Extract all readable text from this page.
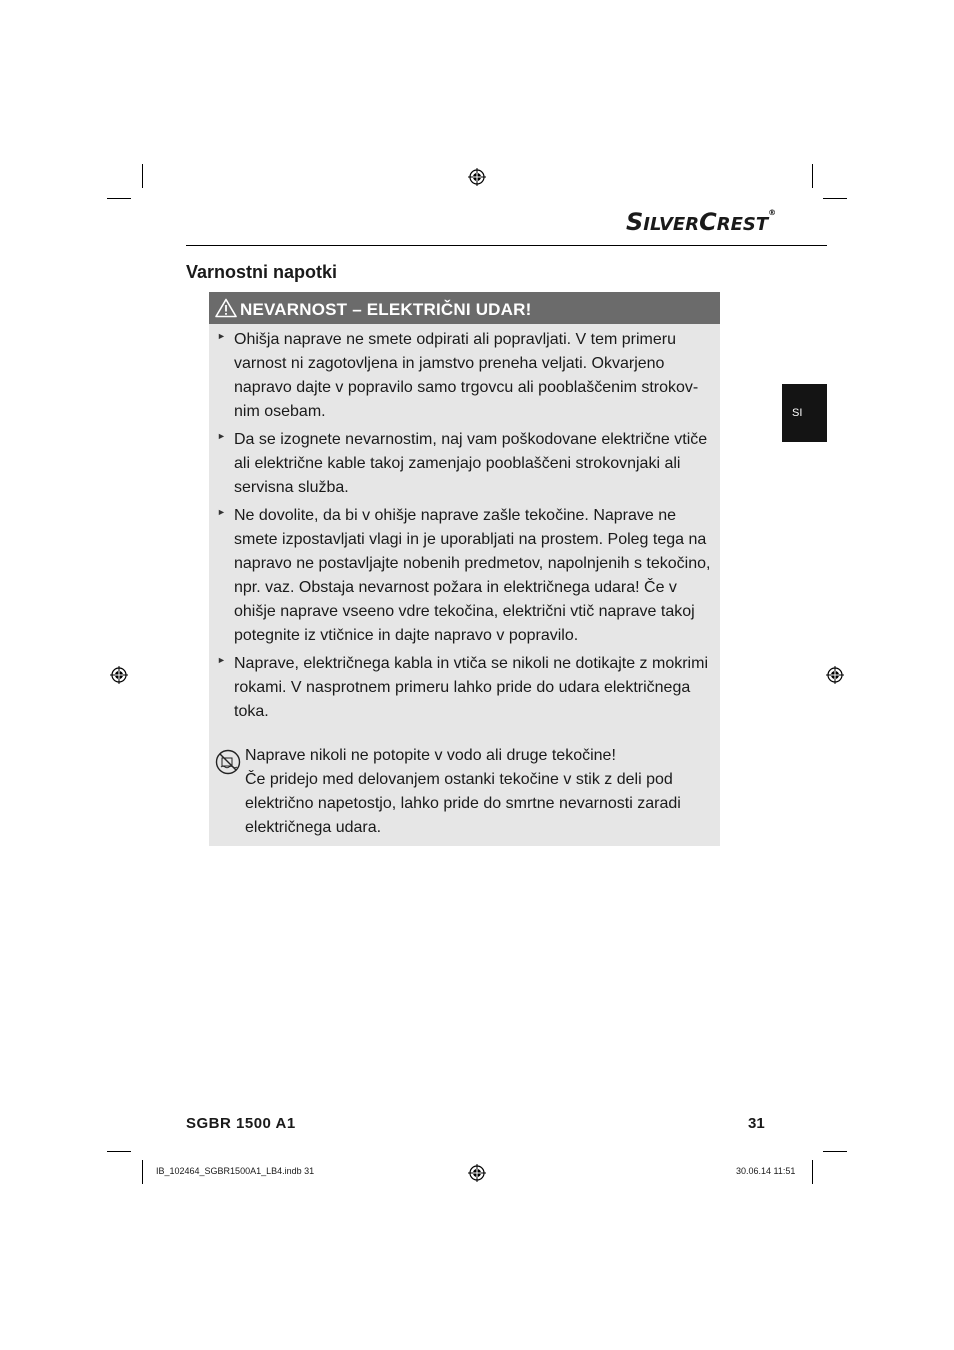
SILVERCREST®
Varnostni napotki
NEVARNOST – ELEKTRIČNI UDAR!
► Ohišja naprave ne smete odpirati ali popravljati. V tem primeru varnost ni zagotovljena in jamstvo preneha veljati. Okvarjeno napravo dajte v popravilo samo trgovcu ali pooblaščenim strokov-nim osebam.
► Da se izognete nevarnostim, naj vam poškodovane električne vtiče ali električne kable takoj zamenjajo pooblaščeni strokovnjaki ali servisna služba.
► Ne dovolite, da bi v ohišje naprave zašle tekočine. Naprave ne smete izpostavljati vlagi in je uporabljati na prostem. Poleg tega na napravo ne postavljajte nobenih predmetov, napolnjenih s tekočino, npr. vaz. Obstaja nevarnost požara in električnega udara! Če v ohišje naprave vseeno vdre tekočina, električni vtič naprave takoj potegnite iz vtičnice in dajte napravo v popravilo.
► Naprave, električnega kabla in vtiča se nikoli ne dotikajte z mokrimi rokami. V nasprotnem primeru lahko pride do udara električnega toka.
Naprave nikoli ne potopite v vodo ali druge tekočine!
Če pridejo med delovanjem ostanki tekočine v stik z deli pod
električno napetostjo, lahko pride do smrtne nevarnosti zaradi
električnega udara.
SI
SGBR 1500 A1	31
IB_102464_SGBR1500A1_LB4.indb 31	30.06.14 11:51
